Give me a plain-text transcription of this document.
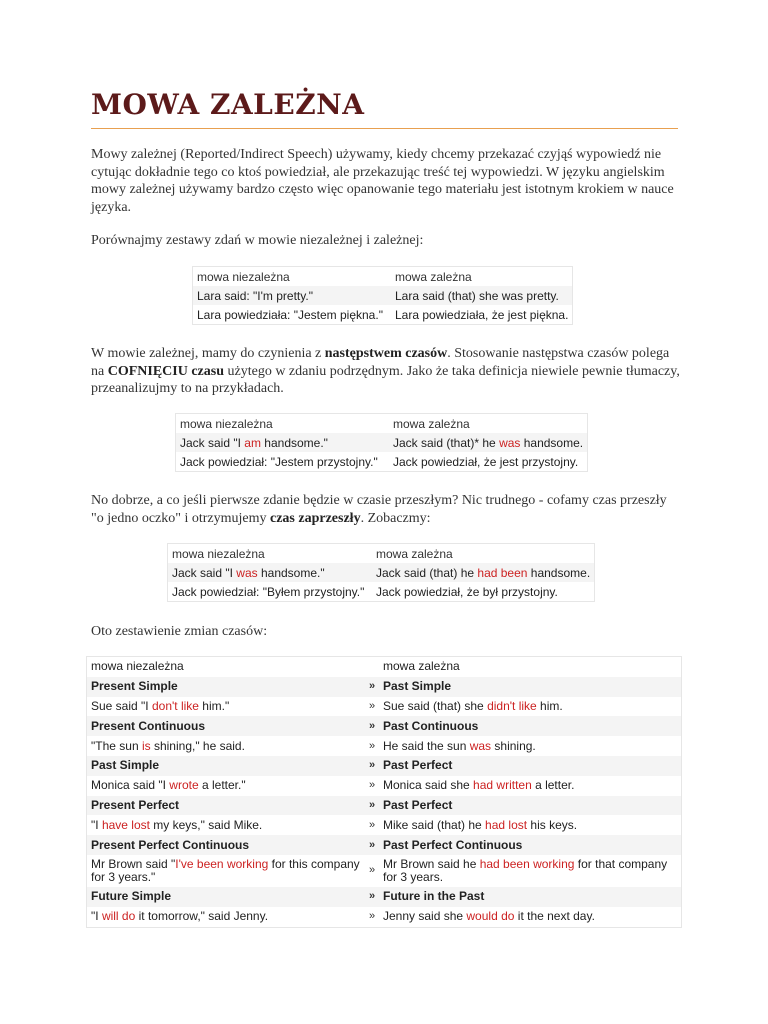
MOWA ZALEŻNA

Mowy zależnej (Reported/Indirect Speech) używamy, kiedy chcemy przekazać czyjąś wypowiedź nie cytując dokładnie tego co ktoś powiedział, ale przekazując treść tej wypowiedzi. W języku angielskim mowy zależnej używamy bardzo często więc opanowanie tego materiału jest istotnym krokiem w nauce języka.

Porównajmy zestawy zdań w mowie niezależnej i zależnej:

mowa niezależna	mowa zależna
Lara said: "I'm pretty."	Lara said (that) she was pretty.
Lara powiedziała: "Jestem piękna."	Lara powiedziała, że jest piękna.

W mowie zależnej, mamy do czynienia z następstwem czasów. Stosowanie następstwa czasów polega na COFNIĘCIU czasu użytego w zdaniu podrzędnym. Jako że taka definicja niewiele pewnie tłumaczy, przeanalizujmy to na przykładach.

mowa niezależna	mowa zależna
Jack said "I am handsome."	Jack said (that)* he was handsome.
Jack powiedział: "Jestem przystojny."	Jack powiedział, że jest przystojny.

No dobrze, a co jeśli pierwsze zdanie będzie w czasie przeszłym? Nic trudnego - cofamy czas przeszły "o jedno oczko" i otrzymujemy czas zaprzeszły. Zobaczmy:

mowa niezależna	mowa zależna
Jack said "I was handsome."	Jack said (that) he had been handsome.
Jack powiedział: "Byłem przystojny."	Jack powiedział, że był przystojny.

Oto zestawienie zmian czasów:

mowa niezależna		mowa zależna
Present Simple	»	Past Simple
Sue said "I don't like him."	»	Sue said (that) she didn't like him.
Present Continuous	»	Past Continuous
"The sun is shining," he said.	»	He said the sun was shining.
Past Simple	»	Past Perfect
Monica said "I wrote a letter."	»	Monica said she had written a letter.
Present Perfect	»	Past Perfect
"I have lost my keys," said Mike.	»	Mike said (that) he had lost his keys.
Present Perfect Continuous	»	Past Perfect Continuous
Mr Brown said "I've been working for this company for 3 years."	»	Mr Brown said he had been working for that company for 3 years.
Future Simple	»	Future in the Past
"I will do it tomorrow," said Jenny.	»	Jenny said she would do it the next day.
